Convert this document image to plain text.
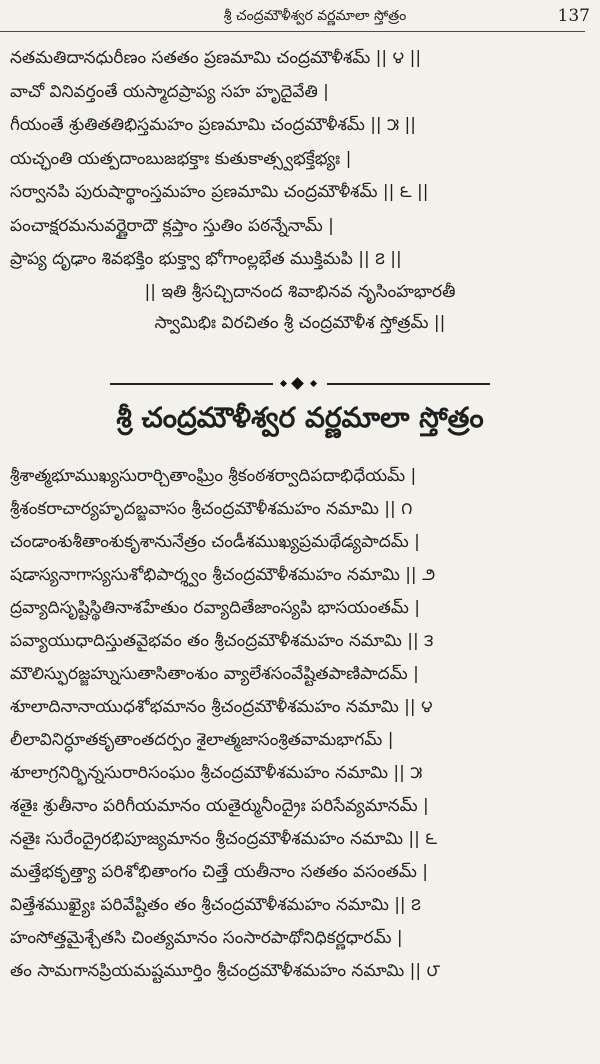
శ్రీ చంద్రమౌళీశ్వర వర్ణమాలా స్తోత్రం	137
నతమతిదానధురీణం సతతం ప్రణమామి చంద్రమౌళీశమ్ || ౪ ||
వాచో వినివర్తంతే యస్మాదప్రాప్య సహ హృదైవేతి |
గీయంతే శ్రుతితతిభిస్తమహం ప్రణమామి చంద్రమౌళీశమ్ || ౫ ||
యచ్ఛంతి యత్పదాంబుజభక్తాః కుతుకాత్స్వభక్తేభ్యః |
సర్వానపి పురుషార్థాంస్తమహం ప్రణమామి చంద్రమౌళీశమ్ || ౬ ||
పంచాక్షరమనువర్ణైరాదౌ క్లప్తాం స్తుతిం పఠన్నేనామ్ |
ప్రాప్య దృఢాం శివభక్తిం భుక్త్వా భోగాంల్లభేత ముక్తిమపి || ౭ ||
|| ఇతి శ్రీసచ్చిదానంద శివాభినవ నృసింహభారతీ
స్వామిభిః విరచితం శ్రీ చంద్రమౌళీశ స్తోత్రమ్ ||
శ్రీ చంద్రమౌళీశ్వర వర్ణమాలా స్తోత్రం
శ్రీశాత్మభూముఖ్యసురార్చితాంఘ్రిం శ్రీకంఠశర్వాదిపదాభిధేయమ్ |
శ్రీశంకరాచార్యహృదబ్జవాసం శ్రీచంద్రమౌళీశమహం నమామి || ౧
చండాంశుశీతాంశుకృశానునేత్రం చండీశముఖ్యప్రమథేడ్యపాదమ్ |
షడాస్యనాగాస్యసుశోభిపార్శ్వం శ్రీచంద్రమౌళీశమహం నమామి || ౨
ద్రవ్యాదిసృష్టిస్థితినాశహేతుం రవ్యాదితేజాంస్యపి భాసయంతమ్ |
పవ్యాయుధాదిస్తుతవైభవం తం శ్రీచంద్రమౌళీశమహం నమామి || ౩
మౌలిస్ఫురజ్జహ్నుసుతాసితాంశుం వ్యాలేశసంవేష్టితపాణిపాదమ్ |
శూలాదినానాయుధశోభమానం శ్రీచంద్రమౌళీశమహం నమామి || ౪
లీలావినిర్ధూతకృతాంతదర్పం శైలాత్మజాసంశ్రితవామభాగమ్ |
శూలాగ్రనిర్భిన్నసురారిసంఘం శ్రీచంద్రమౌళీశమహం నమామి || ౫
శతైః శ్రుతీనాం పరిగీయమానం యతైర్మునీంద్రైః పరిసేవ్యమానమ్ |
నతైః సురేంద్రైరభిపూజ్యమానం శ్రీచంద్రమౌళీశమహం నమామి || ౬
మత్తేభకృత్త్యా పరిశోభితాంగం చిత్తే యతీనాం సతతం వసంతమ్ |
విత్తేశముఖ్యైః పరివేష్టితం తం శ్రీచంద్రమౌళీశమహం నమామి || ౭
హంసోత్తమైశ్చేతసి చింత్యమానం సంసారపాథోనిధికర్ణధారమ్ |
తం సామగానప్రియమష్టమూర్తిం శ్రీచంద్రమౌళీశమహం నమామి || ౮
